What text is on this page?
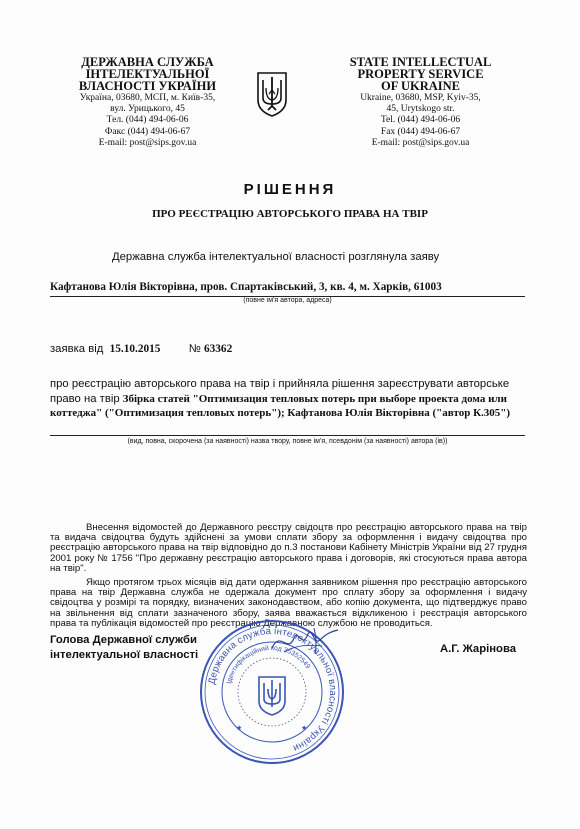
ДЕРЖАВНА СЛУЖБА
ІНТЕЛЕКТУАЛЬНОЇ
ВЛАСНОСТІ УКРАЇНИ
Україна, 03680, МСП, м. Київ-35,
вул. Урицького, 45
Тел. (044) 494-06-06
Факс (044) 494-06-67
E-mail: post@sips.gov.ua
STATE INTELLECTUAL
PROPERTY SERVICE
OF UKRAINE
Ukraine, 03680, MSP, Kyiv-35,
45, Urytskogo str.
Tel. (044) 494-06-06
Fax (044) 494-06-67
E-mail: post@sips.gov.ua
РІШЕННЯ
ПРО РЕЄСТРАЦІЮ АВТОРСЬКОГО ПРАВА НА ТВІР
Державна служба інтелектуальної власності розглянула заяву
Кафтанова Юлія Вікторівна, пров. Спартаківський, 3, кв. 4, м. Харків, 61003
(повне ім'я автора, адреса)
заявка від 15.10.2015	№ 63362
про реєстрацію авторського права на твір і прийняла рішення зареєструвати авторське
право на твір Збірка статей "Оптимизация тепловых потерь при выборе проекта дома или коттеджа" ("Оптимизация тепловых потерь"); Кафтанова Юлія Вікторівна ("автор К.305")
(вид, повна, скорочена (за наявності) назва твору, повне ім'я, псевдонім (за наявності) автора (ів))
Внесення відомостей до Державного реєстру свідоцтв про реєстрацію авторського права на твір та видача свідоцтва будуть здійснені за умови сплати збору за оформлення і видачу свідоцтва про реєстрацію авторського права на твір відповідно до п.3 постанови Кабінету Міністрів України від 27 грудня 2001 року № 1756 "Про державну реєстрацію авторського права і договорів, які стосуються права автора на твір".
Якщо протягом трьох місяців від дати одержання заявником рішення про реєстрацію авторського права на твір Державна служба не одержала документ про сплату збору за оформлення і видачу свідоцтва у розмірі та порядку, визначених законодавством, або копію документа, що підтверджує право на звільнення від сплати зазначеного збору, заява вважається відкликеною і реєстрація авторського права та публікація відомостей про реєстрацію Державною службою не проводиться.
Голова Державної служби
інтелектуальної власності	А.Г. Жарінова
Державна служба інтелектуальної власності України
Ідентифікаційний код 35352549
★	★
